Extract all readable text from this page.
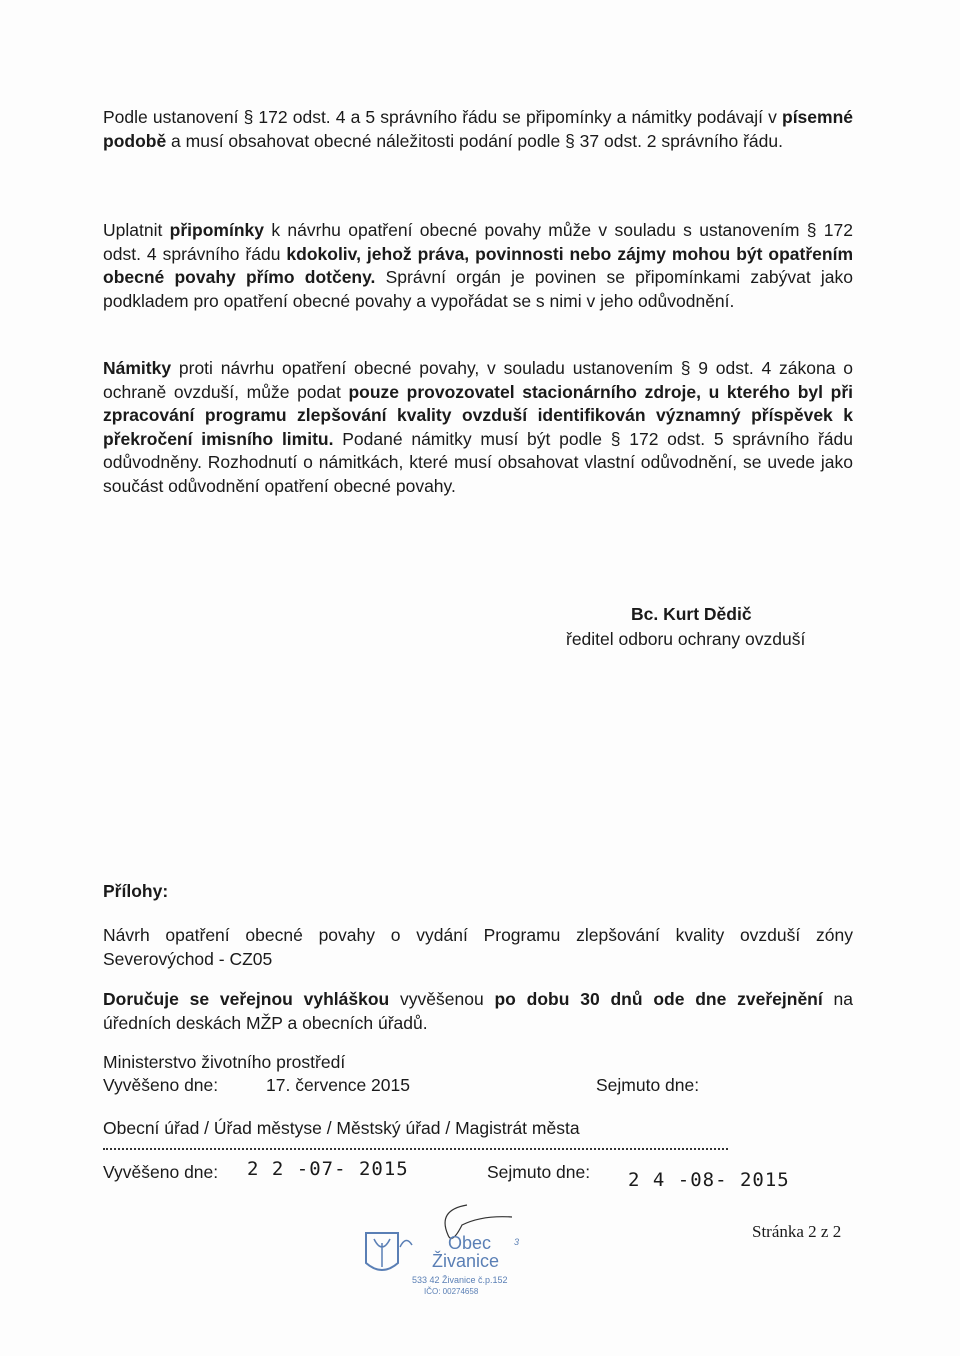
Podle ustanovení § 172 odst. 4 a 5 správního řádu se připomínky a námitky podávají v písemné podobě a musí obsahovat obecné náležitosti podání podle § 37 odst. 2 správního řádu.

Uplatnit připomínky k návrhu opatření obecné povahy může v souladu s ustanovením § 172 odst. 4 správního řádu kdokoliv, jehož práva, povinnosti nebo zájmy mohou být opatřením obecné povahy přímo dotčeny. Správní orgán je povinen se připomínkami zabývat jako podkladem pro opatření obecné povahy a vypořádat se s nimi v jeho odůvodnění.

Námitky proti návrhu opatření obecné povahy, v souladu ustanovením § 9 odst. 4 zákona o ochraně ovzduší, může podat pouze provozovatel stacionárního zdroje, u kterého byl při zpracování programu zlepšování kvality ovzduší identifikován významný příspěvek k překročení imisního limitu. Podané námitky musí být podle § 172 odst. 5 správního řádu odůvodněny. Rozhodnutí o námitkách, které musí obsahovat vlastní odůvodnění, se uvede jako součást odůvodnění opatření obecné povahy.

Bc. Kurt Dědič
ředitel odboru ochrany ovzduší
Přílohy:

Návrh opatření obecné povahy o vydání Programu zlepšování kvality ovzduší zóny Severovýchod - CZ05

Doručuje se veřejnou vyhláškou vyvěšenou po dobu 30 dnů ode dne zveřejnění na úředních deskách MŽP a obecních úřadů.

Ministerstvo životního prostředí
Vyvěšeno dne:	17. července 2015	Sejmuto dne:
Obecní úřad / Úřad městyse / Městský úřad / Magistrát města
Vyvěšeno dne: 2 2 -07- 2015	Sejmuto dne: 2 4 -08- 2015
Obec
Živanice
533 42 Živanice č.p.152
IČO: 00274658
3
Stránka 2 z 2
